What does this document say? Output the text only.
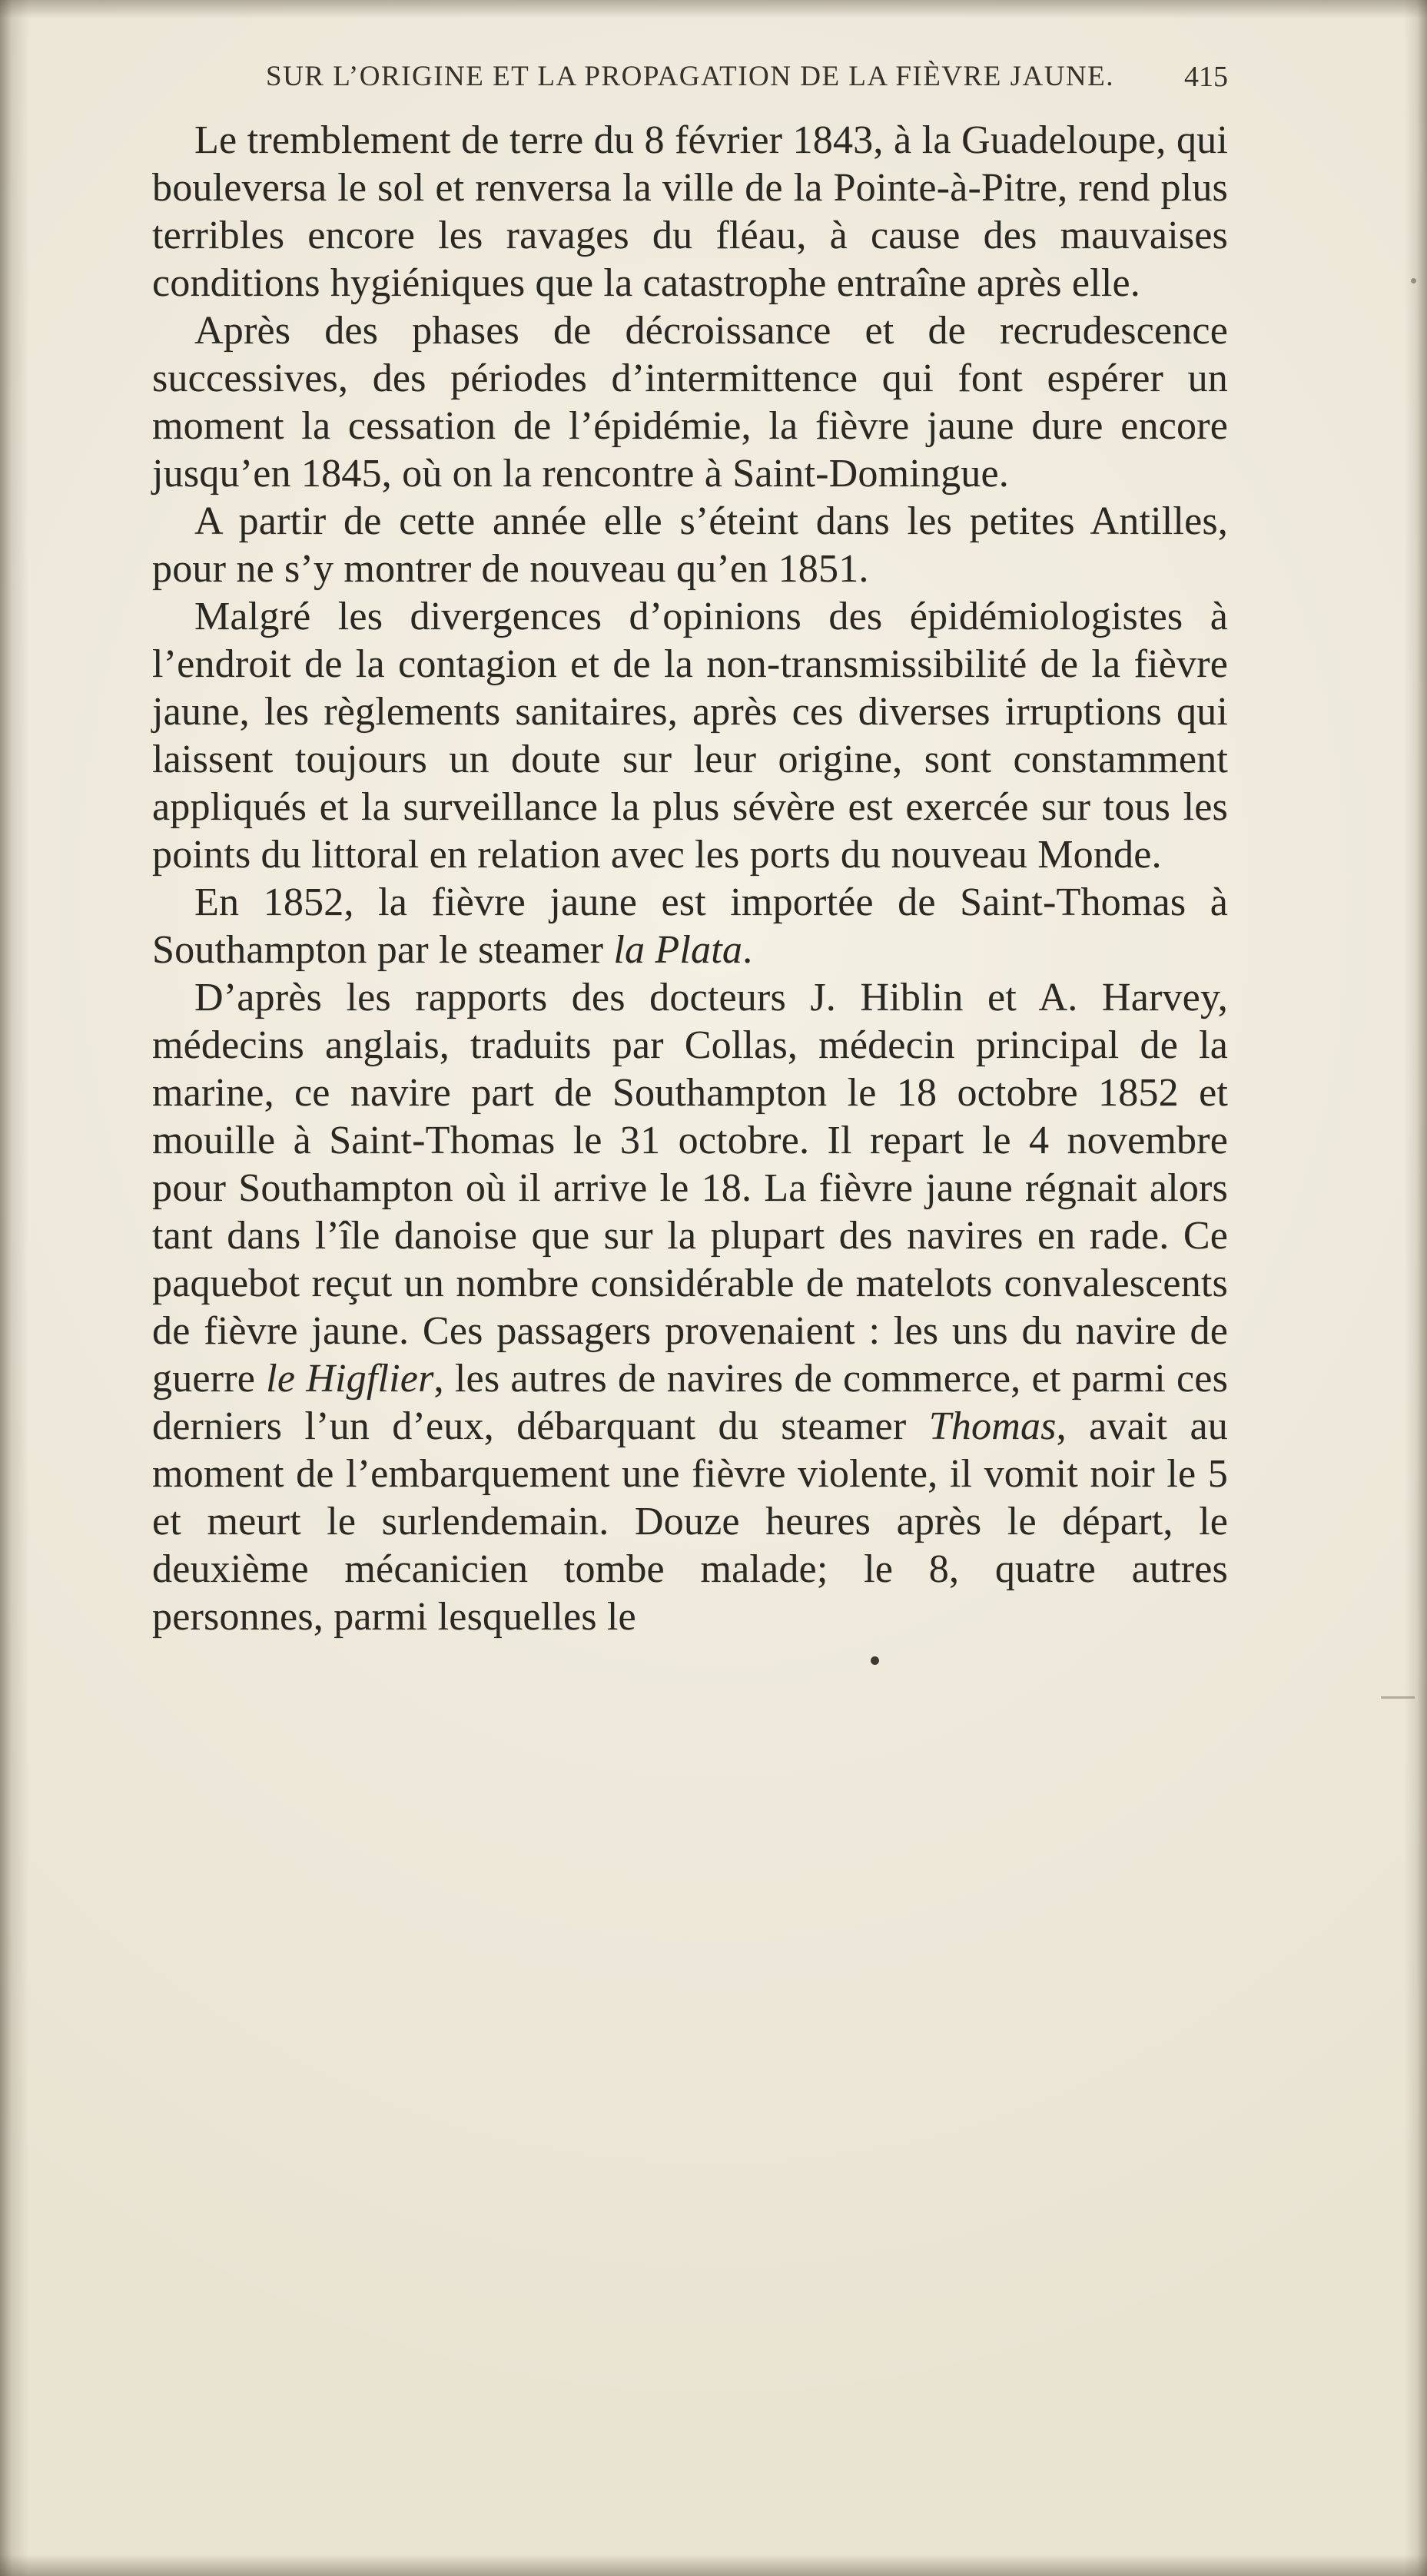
SUR L’ORIGINE ET LA PROPAGATION DE LA FIÈVRE JAUNE.	415

Le tremblement de terre du 8 février 1843, à la Guadeloupe, qui bouleversa le sol et renversa la ville de la Pointe-à-Pitre, rend plus terribles encore les ravages du fléau, à cause des mauvaises conditions hygiéniques que la catastrophe entraîne après elle.

Après des phases de décroissance et de recrudescence successives, des périodes d’intermittence qui font espérer un moment la cessation de l’épidémie, la fièvre jaune dure encore jusqu’en 1845, où on la rencontre à Saint-Domingue.

A partir de cette année elle s’éteint dans les petites Antilles, pour ne s’y montrer de nouveau qu’en 1851.

Malgré les divergences d’opinions des épidémiologistes à l’endroit de la contagion et de la non-transmissibilité de la fièvre jaune, les règlements sanitaires, après ces diverses irruptions qui laissent toujours un doute sur leur origine, sont constamment appliqués et la surveillance la plus sévère est exercée sur tous les points du littoral en relation avec les ports du nouveau Monde.

En 1852, la fièvre jaune est importée de Saint-Thomas à Southampton par le steamer la Plata.

D’après les rapports des docteurs J. Hiblin et A. Harvey, médecins anglais, traduits par Collas, médecin principal de la marine, ce navire part de Southampton le 18 octobre 1852 et mouille à Saint-Thomas le 31 octobre. Il repart le 4 novembre pour Southampton où il arrive le 18. La fièvre jaune régnait alors tant dans l’île danoise que sur la plupart des navires en rade. Ce paquebot reçut un nombre considérable de matelots convalescents de fièvre jaune. Ces passagers provenaient : les uns du navire de guerre le Higflier, les autres de navires de commerce, et parmi ces derniers l’un d’eux, débarquant du steamer Thomas, avait au moment de l’embarquement une fièvre violente, il vomit noir le 5 et meurt le surlendemain. Douze heures après le départ, le deuxième mécanicien tombe malade; le 8, quatre autres personnes, parmi lesquelles le
